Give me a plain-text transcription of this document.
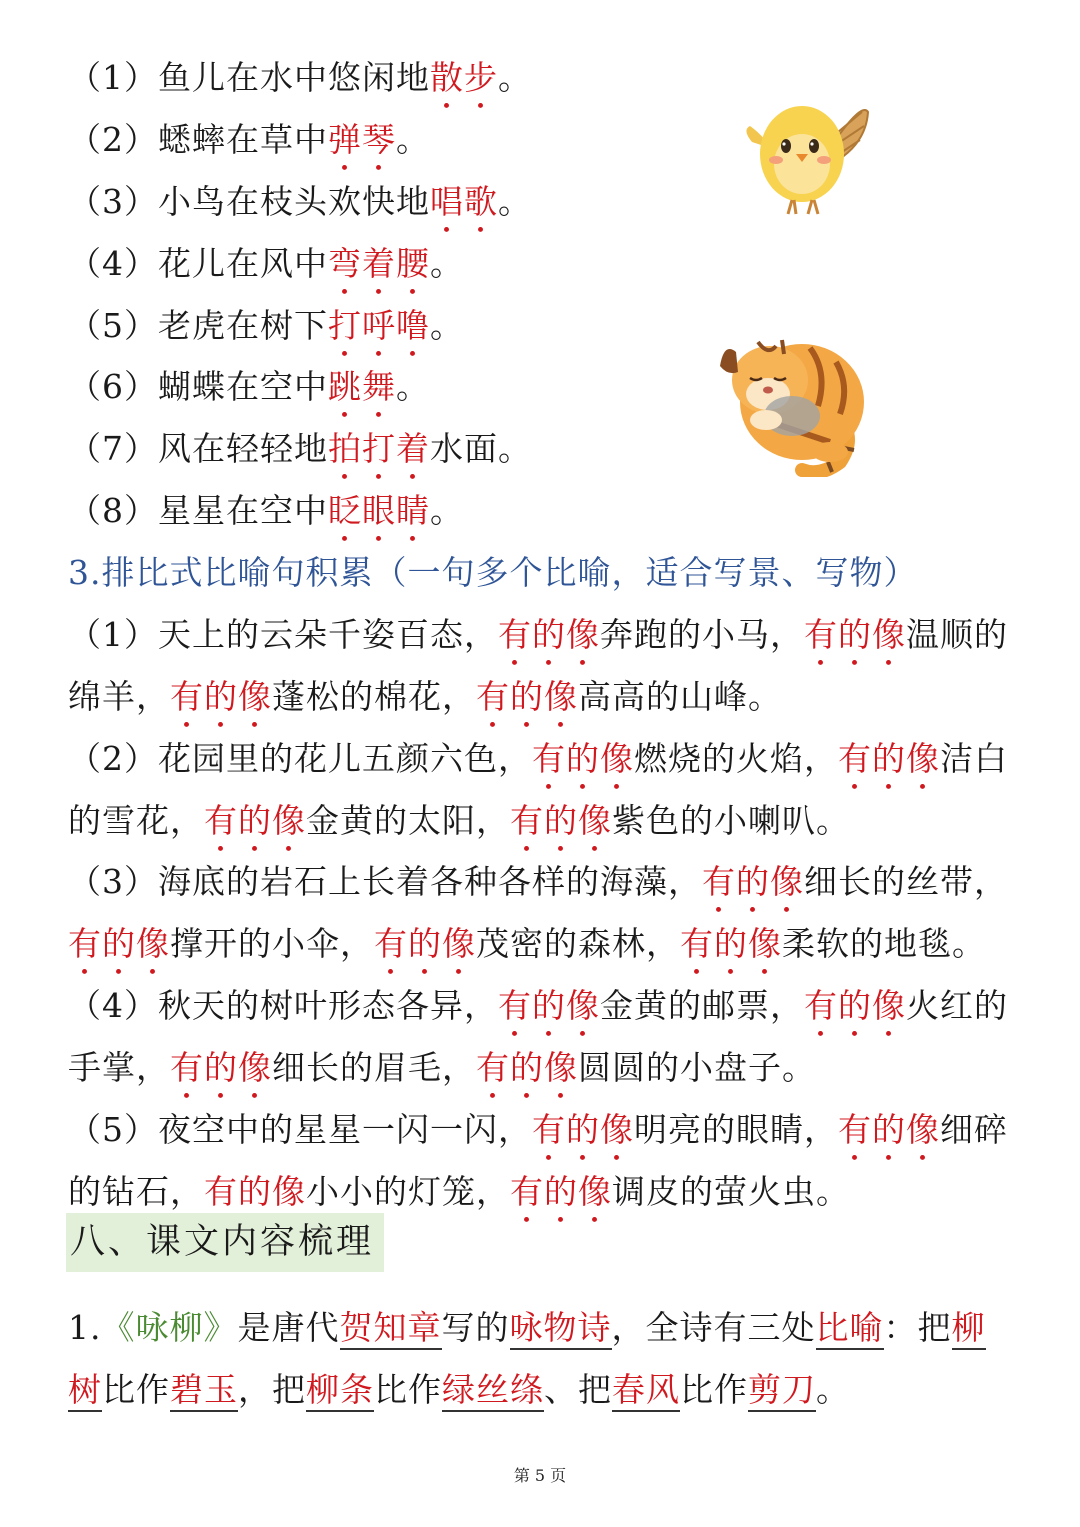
（1）鱼儿在水中悠闲地散步。
（2）蟋蟀在草中弹琴。
（3）小鸟在枝头欢快地唱歌。
（4）花儿在风中弯着腰。
（5）老虎在树下打呼噜。
（6）蝴蝶在空中跳舞。
（7）风在轻轻地拍打着水面。
（8）星星在空中眨眼睛。
3.排比式比喻句积累（一句多个比喻，适合写景、写物）
（1）天上的云朵千姿百态，有的像奔跑的小马，有的像温顺的
绵羊，有的像蓬松的棉花，有的像高高的山峰。
（2）花园里的花儿五颜六色，有的像燃烧的火焰，有的像洁白
的雪花，有的像金黄的太阳，有的像紫色的小喇叭。
（3）海底的岩石上长着各种各样的海藻，有的像细长的丝带，
有的像撑开的小伞，有的像茂密的森林，有的像柔软的地毯。
（4）秋天的树叶形态各异，有的像金黄的邮票，有的像火红的
手掌，有的像细长的眉毛，有的像圆圆的小盘子。
（5）夜空中的星星一闪一闪，有的像明亮的眼睛，有的像细碎
的钻石，有的像小小的灯笼，有的像调皮的萤火虫。
八、课文内容梳理
1.《咏柳》是唐代贺知章写的咏物诗，全诗有三处比喻：把柳
树比作碧玉，把柳条比作绿丝绦、把春风比作剪刀。
第 5 页
